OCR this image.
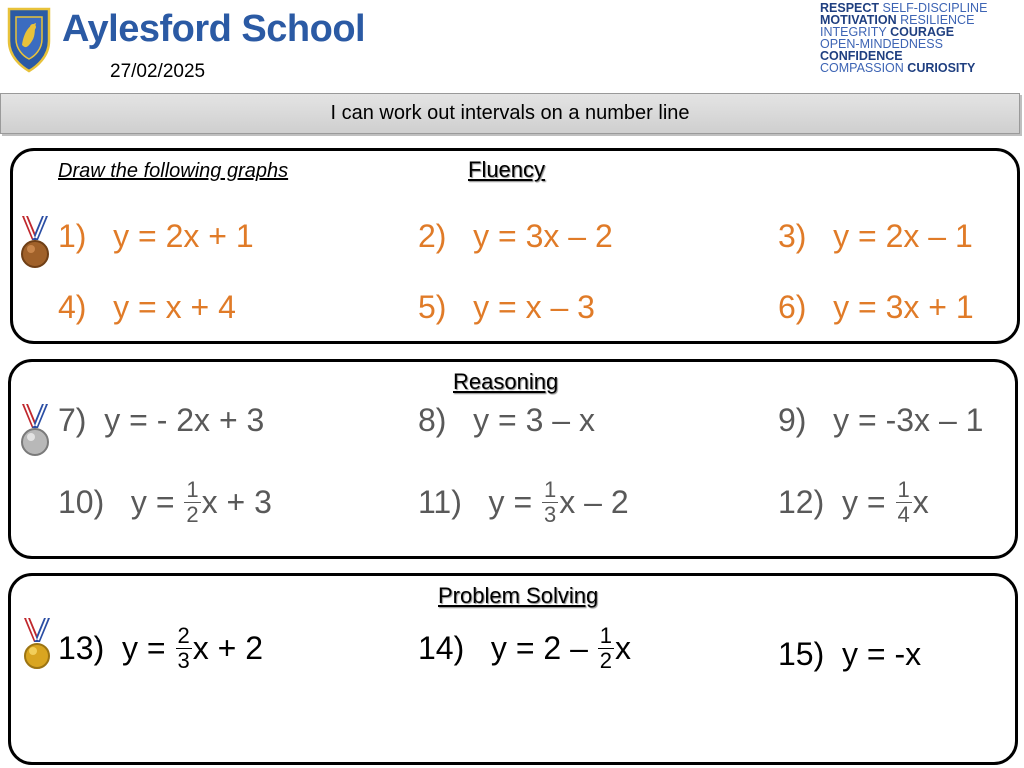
Aylesford School
27/02/2025
RESPECT SELF-DISCIPLINE
MOTIVATION RESILIENCE
INTEGRITY COURAGE
OPEN-MINDEDNESS
CONFIDENCE
COMPASSION CURIOSITY
I can work out intervals on a number line
Draw the following graphs	Fluency
1) y = 2x + 1	2) y = 3x – 2	3) y = 2x – 1
4) y = x + 4	5) y = x – 3	6) y = 3x + 1
Reasoning
7) y = - 2x + 3	8) y = 3 – x	9) y = -3x – 1
10) $y = \frac{1}{2}$ x + 3	11) $y = \frac{1}{3}$ x – 2	12) $y = \frac{1}{4}$ x
Problem Solving
13) $y = \frac{2}{3}$ x + 2	14) $y = 2 - \frac{1}{2}$ x	15) y = -x
